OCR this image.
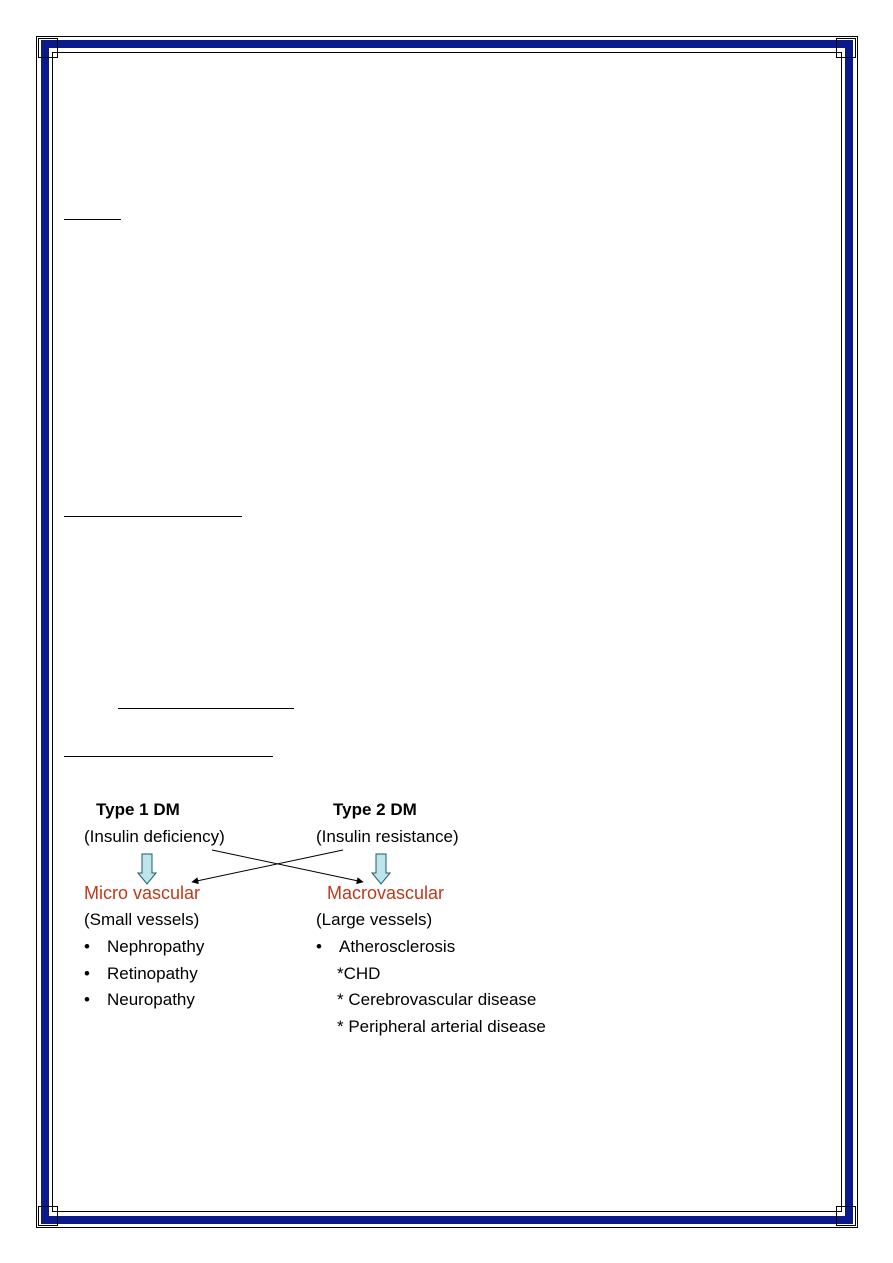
Type 1 DM	Type 2 DM
(Insulin deficiency)	(Insulin resistance)
Micro vascular	Macrovascular
(Small vessels)	(Large vessels)
• Nephropathy
• Retinopathy
• Neuropathy
• Atherosclerosis
*CHD
* Cerebrovascular disease
* Peripheral arterial disease
